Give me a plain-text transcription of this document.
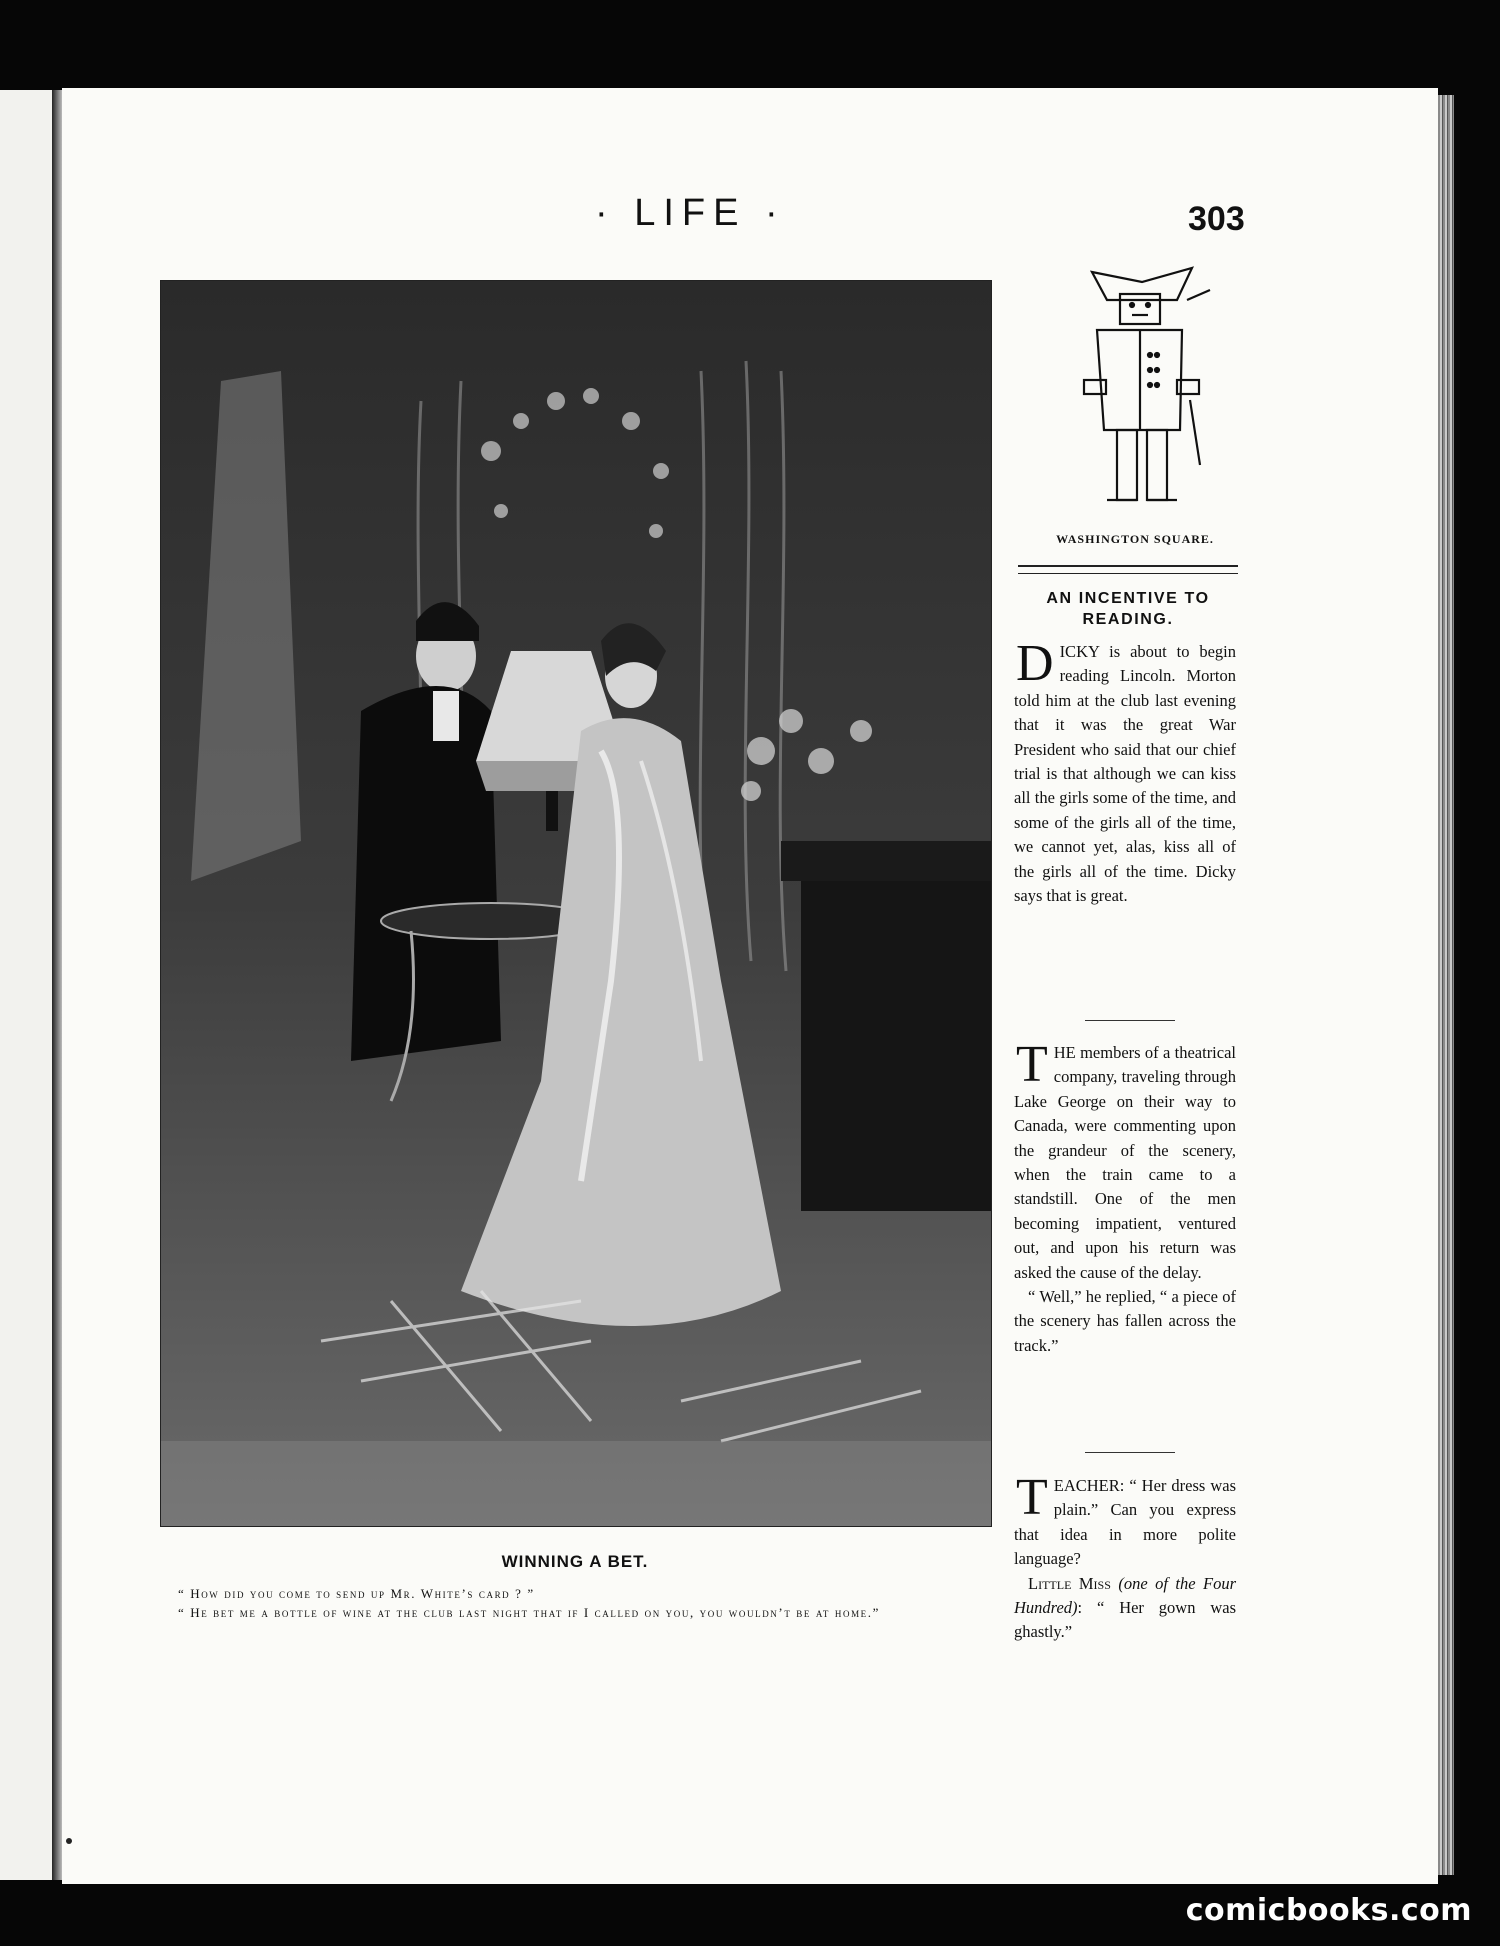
· LIFE ·	303
WINNING A BET.
“ How did you come to send up Mr. White’s card ? ”
“ He bet me a bottle of wine at the club last night that if I called on you, you wouldn’t be at home.”
WASHINGTON SQUARE.
AN INCENTIVE TO READING.

DICKY is about to begin reading Lincoln. Morton told him at the club last evening that it was the great War President who said that our chief trial is that although we can kiss all the girls some of the time, and some of the girls all of the time, we cannot yet, alas, kiss all of the girls all of the time. Dicky says that is great.

THE members of a theatrical company, traveling through Lake George on their way to Canada, were commenting upon the grandeur of the scenery, when the train came to a standstill. One of the men becoming impatient, ventured out, and upon his return was asked the cause of the delay.

“ Well,” he replied, “ a piece of the scenery has fallen across the track.”

TEACHER: “ Her dress was plain.” Can you express that idea in more polite language?

Little Miss (one of the Four Hundred): “ Her gown was ghastly.”

comicbooks.com
